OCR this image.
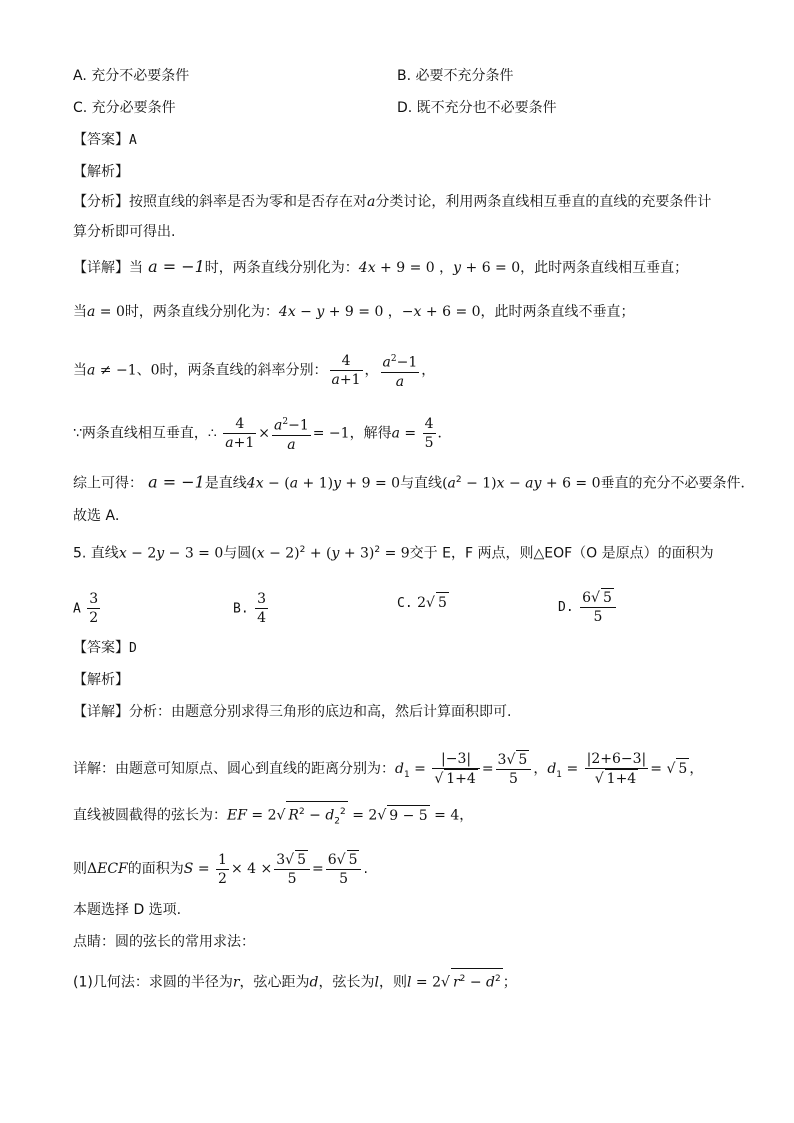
A. 充分不必要条件	B. 必要不充分条件
C. 充分必要条件	D. 既不充分也不必要条件
【答案】A
【解析】
【分析】按照直线的斜率是否为零和是否存在对a分类讨论，利用两条直线相互垂直的直线的充要条件计
算分析即可得出.
【详解】当 a = −1时，两条直线分别化为：4x + 9 = 0 ，y + 6 = 0，此时两条直线相互垂直；
当a = 0时，两条直线分别化为：4x − y + 9 = 0 ，−x + 6 = 0，此时两条直线不垂直；
当a ≠ −1、0时，两条直线的斜率分别： $\frac{4}{a+1}$ ， $\frac{a^2-1}{a}$ ，
∵两条直线相互垂直，∴ $\frac{4}{a+1} \times \frac{a^2-1}{a} = -1$，解得$a = \frac{4}{5}$ ．
综上可得： a = −1是直线4x − (a + 1)y + 9 = 0与直线$(a^2 - 1)x$ − ay + 6 = 0垂直的充分不必要条件．
故选 A．
5. 直线x − 2y − 3 = 0与圆$(x - 2)^2 + (y + 3)^2 = 9$交于 E，F 两点，则△EOF（O 是原点）的面积为
A $\frac{3}{2}$	B. $\frac{3}{4}$	C. 2√ 5	D. $\frac{6√ 5}{5}$
【答案】D
【解析】
【详解】分析：由题意分别求得三角形的底边和高，然后计算面积即可.
详解：由题意可知原点、圆心到直线的距离分别为：$d_1 = \frac{|-3|}{√ 1+4} = \frac{3√ 5}{5}$ ，$d_1 = \frac{|2+6-3|}{√ 1+4}$ = √ 5 ，
直线被圆截得的弦长为：EF = 2√ $R^2 - d_2^2 = 2√$ 9 − 5 = 4，
则ΔECF的面积为$S = \frac{1}{2} \times 4 \times \frac{3√ 5}{5} = \frac{6√ 5}{5}$ .
本题选择 D 选项.
点睛：圆的弦长的常用求法：
(1)几何法：求圆的半径为r，弦心距为d，弦长为l，则l = 2√ $r^2 - d^2$ ；
